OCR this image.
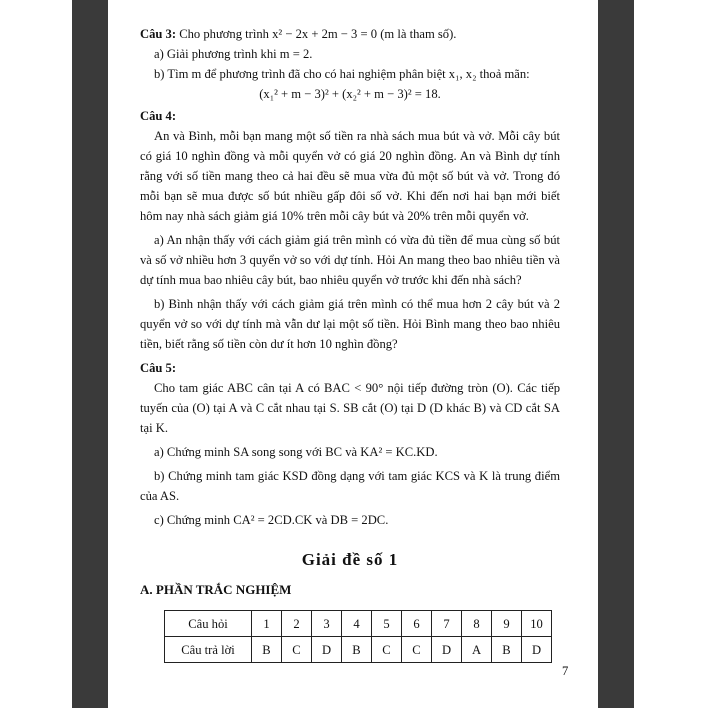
Câu 3: Cho phương trình x² − 2x + 2m − 3 = 0 (m là tham số).

a) Giải phương trình khi m = 2.

b) Tìm m để phương trình đã cho có hai nghiệm phân biệt x₁, x₂ thoả mãn:

(x₁² + m − 3)² + (x₂² + m − 3)² = 18.

Câu 4:

An và Bình, mỗi bạn mang một số tiền ra nhà sách mua bút và vở. Mỗi cây bút có giá 10 nghìn đồng và mỗi quyển vở có giá 20 nghìn đồng. An và Bình dự tính rằng với số tiền mang theo cả hai đều sẽ mua vừa đủ một số bút và vở. Trong đó mỗi bạn sẽ mua được số bút nhiều gấp đôi số vở. Khi đến nơi hai bạn mới biết hôm nay nhà sách giảm giá 10% trên mỗi cây bút và 20% trên mỗi quyển vở.

a) An nhận thấy với cách giảm giá trên mình có vừa đủ tiền để mua cùng số bút và số vở nhiều hơn 3 quyển vở so với dự tính. Hỏi An mang theo bao nhiêu tiền và dự tính mua bao nhiêu cây bút, bao nhiêu quyển vở trước khi đến nhà sách?

b) Bình nhận thấy với cách giảm giá trên mình có thể mua hơn 2 cây bút và 2 quyển vở so với dự tính mà vẫn dư lại một số tiền. Hỏi Bình mang theo bao nhiêu tiền, biết rằng số tiền còn dư ít hơn 10 nghìn đồng?

Câu 5:

Cho tam giác ABC cân tại A có BAC < 90° nội tiếp đường tròn (O). Các tiếp tuyến của (O) tại A và C cắt nhau tại S. SB cắt (O) tại D (D khác B) và CD cắt SA tại K.

a) Chứng minh SA song song với BC và KA² = KC.KD.

b) Chứng minh tam giác KSD đồng dạng với tam giác KCS và K là trung điểm của AS.

c) Chứng minh CA² = 2CD.CK và DB = 2DC.

Giải đề số 1

A. PHẦN TRẮC NGHIỆM

Câu hỏi	1	2	3	4	5	6	7	8	9	10
Câu trả lời	B	C	D	B	C	C	D	A	B	D
7
